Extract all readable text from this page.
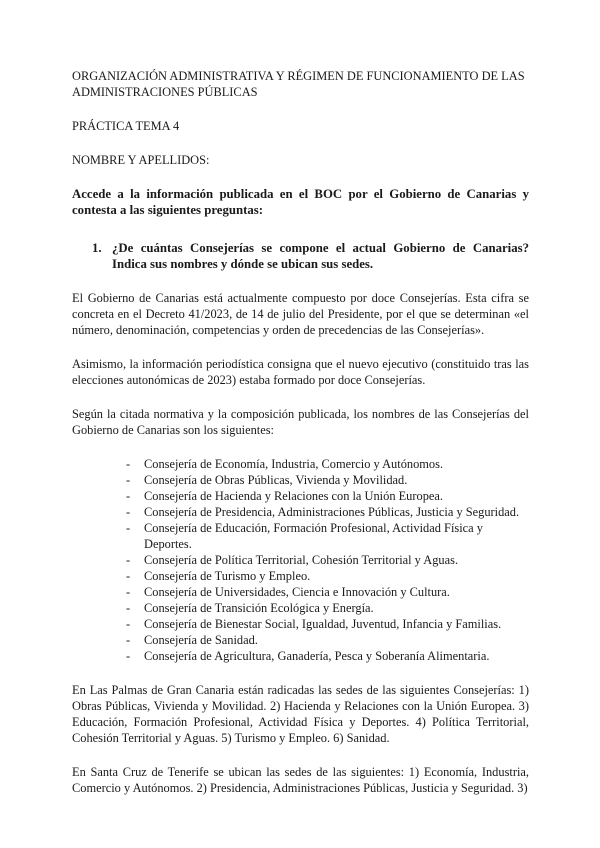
ORGANIZACIÓN ADMINISTRATIVA Y RÉGIMEN DE FUNCIONAMIENTO DE LAS ADMINISTRACIONES PÚBLICAS

PRÁCTICA TEMA 4

NOMBRE Y APELLIDOS:

Accede a la información publicada en el BOC por el Gobierno de Canarias y contesta a las siguientes preguntas:

1. ¿De cuántas Consejerías se compone el actual Gobierno de Canarias? Indica sus nombres y dónde se ubican sus sedes.

El Gobierno de Canarias está actualmente compuesto por doce Consejerías. Esta cifra se concreta en el Decreto 41/2023, de 14 de julio del Presidente, por el que se determinan «el número, denominación, competencias y orden de precedencias de las Consejerías».

Asimismo, la información periodística consigna que el nuevo ejecutivo (constituido tras las elecciones autonómicas de 2023) estaba formado por doce Consejerías.

Según la citada normativa y la composición publicada, los nombres de las Consejerías del Gobierno de Canarias son los siguientes:

-	Consejería de Economía, Industria, Comercio y Autónomos.
-	Consejería de Obras Públicas, Vivienda y Movilidad.
-	Consejería de Hacienda y Relaciones con la Unión Europea.
-	Consejería de Presidencia, Administraciones Públicas, Justicia y Seguridad.
-	Consejería de Educación, Formación Profesional, Actividad Física y Deportes.
-	Consejería de Política Territorial, Cohesión Territorial y Aguas.
-	Consejería de Turismo y Empleo.
-	Consejería de Universidades, Ciencia e Innovación y Cultura.
-	Consejería de Transición Ecológica y Energía.
-	Consejería de Bienestar Social, Igualdad, Juventud, Infancia y Familias.
-	Consejería de Sanidad.
-	Consejería de Agricultura, Ganadería, Pesca y Soberanía Alimentaria.

En Las Palmas de Gran Canaria están radicadas las sedes de las siguientes Consejerías: 1) Obras Públicas, Vivienda y Movilidad. 2) Hacienda y Relaciones con la Unión Europea. 3) Educación, Formación Profesional, Actividad Física y Deportes. 4) Política Territorial, Cohesión Territorial y Aguas. 5) Turismo y Empleo. 6) Sanidad.

En Santa Cruz de Tenerife se ubican las sedes de las siguientes: 1) Economía, Industria, Comercio y Autónomos. 2) Presidencia, Administraciones Públicas, Justicia y Seguridad. 3)
